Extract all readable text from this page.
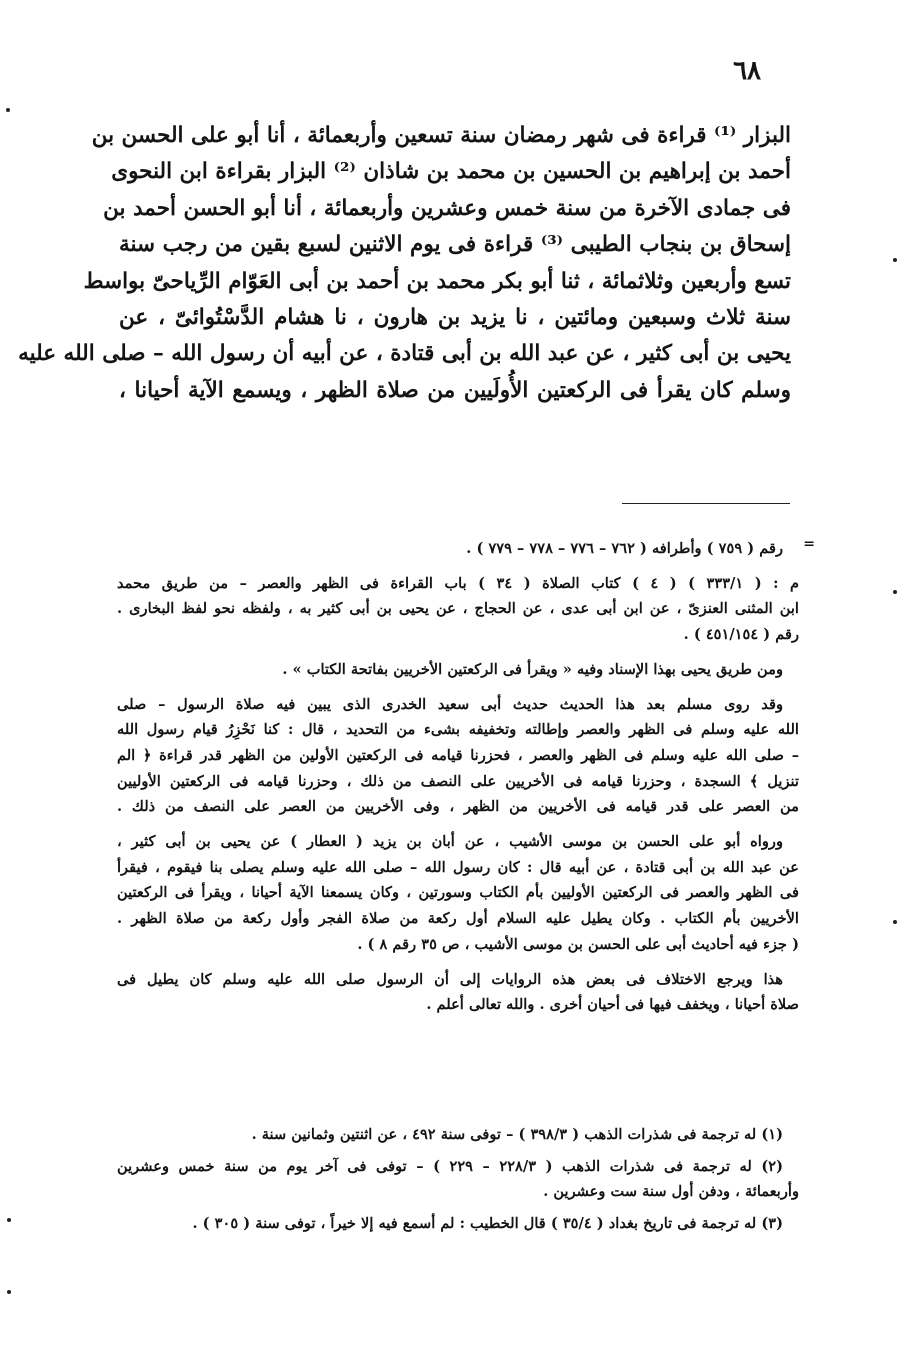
٦٨
البزار ⁽¹⁾ قراءة فى شهر رمضان سنة تسعين وأربعمائة ، أنا أبو على الحسن بن
أحمد بن إبراهيم بن الحسين بن محمد بن شاذان ⁽²⁾ البزار بقراءة ابن النحوى
فى جمادى الآخرة من سنة خمس وعشرين وأربعمائة ، أنا أبو الحسن أحمد بن
إسحاق بن بنجاب الطيبى ⁽³⁾ قراءة فى يوم الاثنين لسبع بقين من رجب سنة
تسع وأربعين وثلاثمائة ، ثنا أبو بكر محمد بن أحمد بن أبى العَوّام الرِّياحىّ بواسط
سنة ثلاث وسبعين ومائتين ، نا يزيد بن هارون ، نا هشام الدَّسْتُوائىّ ، عن
يحيى بن أبى كثير ، عن عبد الله بن أبى قتادة ، عن أبيه أن رسول الله – صلى الله عليه
وسلم كان يقرأ فى الركعتين الأُولَيين من صلاة الظهر ، ويسمع الآية أحيانا ،
=

رقم ( ٧٥٩ ) وأطرافه ( ٧٦٢ – ٧٧٦ – ٧٧٨ – ٧٧٩ ) .

م : ( ٣٣٣/١ ) ( ٤ ) كتاب الصلاة ( ٣٤ ) باب القراءة فى الظهر والعصر – من طريق محمد
ابن المثنى العنزىّ ، عن ابن أبى عدى ، عن الحجاج ، عن يحيى بن أبى كثير به ، ولفظه نحو لفظ البخارى .
رقم ( ٤٥١/١٥٤ ) .

ومن طريق يحيى بهذا الإسناد وفيه « ويقرأ فى الركعتين الأخريين بفاتحة الكتاب » .

وقد روى مسلم بعد هذا الحديث حديث أبى سعيد الخدرى الذى يبين فيه صلاة الرسول – صلى
الله عليه وسلم فى الظهر والعصر وإطالته وتخفيفه بشىء من التحديد ، قال : كنا نَحْزِرُ قيام رسول الله
– صلى الله عليه وسلم فى الظهر والعصر ، فحزرنا قيامه فى الركعتين الأولين من الظهر قدر قراءة ﴿ الم
تنزيل ﴾ السجدة ، وحزرنا قيامه فى الأخريين على النصف من ذلك ، وحزرنا قيامه فى الركعتين الأوليين
من العصر على قدر قيامه فى الأخريين من الظهر ، وفى الأخريين من العصر على النصف من ذلك .

ورواه أبو على الحسن بن موسى الأشيب ، عن أبان بن يزيد ( العطار ) عن يحيى بن أبى كثير ،
عن عبد الله بن أبى قتادة ، عن أبيه قال : كان رسول الله – صلى الله عليه وسلم يصلى بنا فيقوم ، فيقرأ
فى الظهر والعصر فى الركعتين الأوليين بأم الكتاب وسورتين ، وكان يسمعنا الآية أحيانا ، ويقرأ فى الركعتين
الأخريين بأم الكتاب . وكان يطيل عليه السلام أول ركعة من صلاة الفجر وأول ركعة من صلاة الظهر .
( جزء فيه أحاديث أبى على الحسن بن موسى الأشيب ، ص ٣٥ رقم ٨ ) .

هذا ويرجع الاختلاف فى بعض هذه الروايات إلى أن الرسول صلى الله عليه وسلم كان يطيل فى
صلاة أحيانا ، ويخفف فيها فى أحيان أخرى . والله تعالى أعلم .

(١) له ترجمة فى شذرات الذهب ( ٣٩٨/٣ ) – توفى سنة ٤٩٢ ، عن اثنتين وثمانين سنة .

(٢) له ترجمة فى شذرات الذهب ( ٢٢٨/٣ – ٢٢٩ ) – توفى فى آخر يوم من سنة خمس وعشرين
وأربعمائة ، ودفن أول سنة ست وعشرين .

(٣) له ترجمة فى تاريخ بغداد ( ٣٥/٤ ) قال الخطيب : لم أسمع فيه إلا خيراً ، توفى سنة ( ٣٠٥ ) .
